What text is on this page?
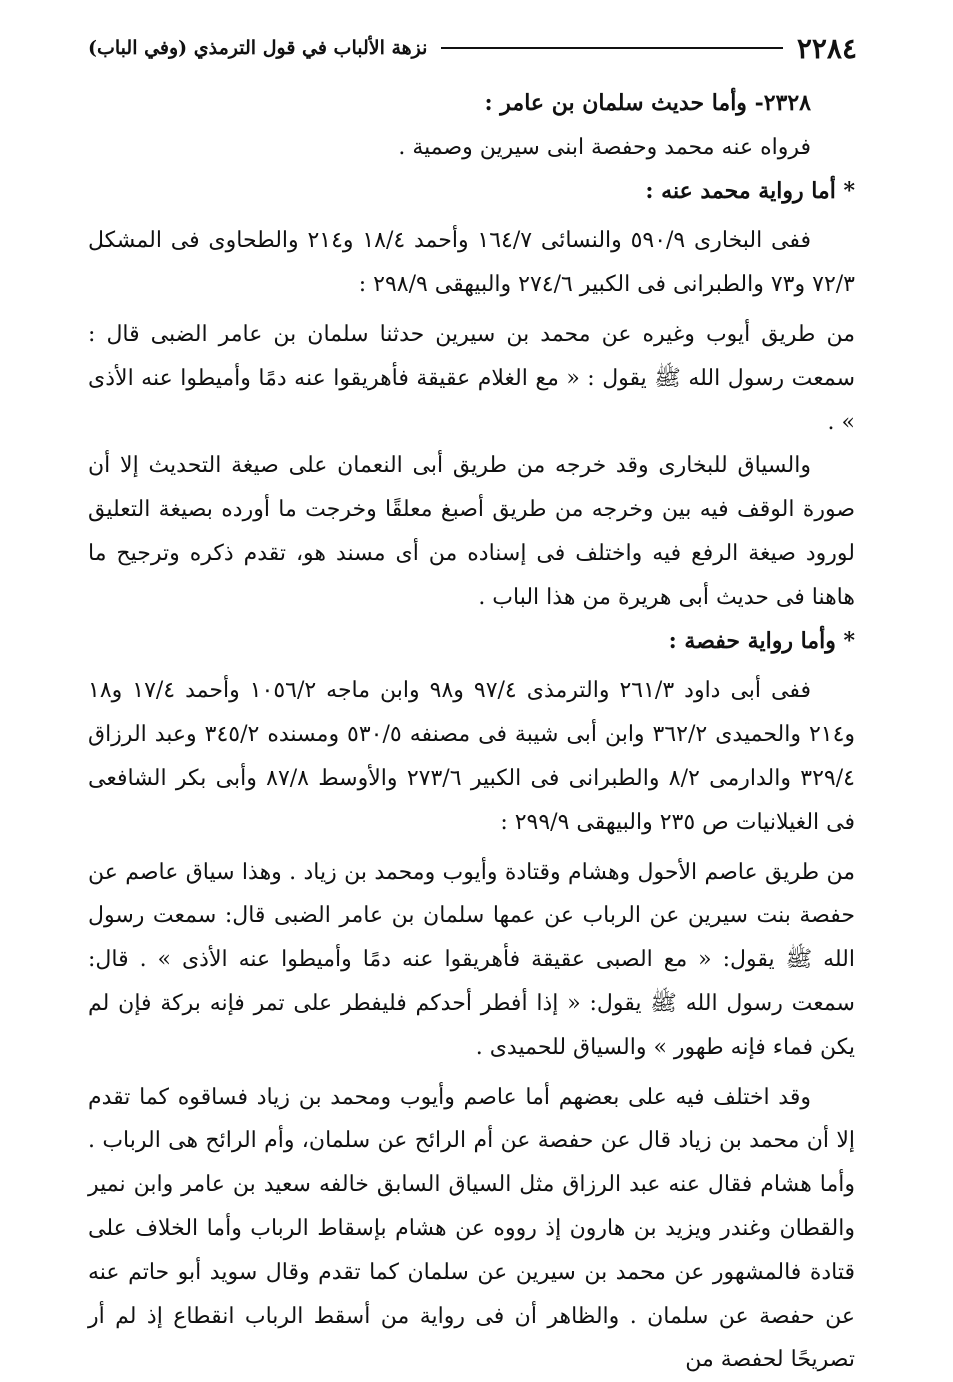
٢٢٨٤
نزهة الألباب في قول الترمذي (وفي الباب)

٢٣٢٨- وأما حديث سلمان بن عامر :

فرواه عنه محمد وحفصة ابنى سيرين وصمية .

* أما رواية محمد عنه :

ففى البخارى ٥٩٠/٩ والنسائى ١٦٤/٧ وأحمد ١٨/٤ و٢١٤ والطحاوى فى المشكل ٧٢/٣ و٧٣ والطبرانى فى الكبير ٢٧٤/٦ والبيهقى ٢٩٨/٩ :

من طريق أيوب وغيره عن محمد بن سيرين حدثنا سلمان بن عامر الضبى قال : سمعت رسول الله ﷺ يقول : « مع الغلام عقيقة فأهريقوا عنه دمًا وأميطوا عنه الأذى » .

والسياق للبخارى وقد خرجه من طريق أبى النعمان على صيغة التحديث إلا أن صورة الوقف فيه بين وخرجه من طريق أصبغ معلقًا وخرجت ما أورده بصيغة التعليق لورود صيغة الرفع فيه واختلف فى إسناده من أى مسند هو، تقدم ذكره وترجيح ما هاهنا فى حديث أبى هريرة من هذا الباب .

* وأما رواية حفصة :

ففى أبى داود ٢٦١/٣ والترمذى ٩٧/٤ و٩٨ وابن ماجه ١٠٥٦/٢ وأحمد ١٧/٤ و١٨ و٢١٤ والحميدى ٣٦٢/٢ وابن أبى شيبة فى مصنفه ٥٣٠/٥ ومسنده ٣٤٥/٢ وعبد الرزاق ٣٢٩/٤ والدارمى ٨/٢ والطبرانى فى الكبير ٢٧٣/٦ والأوسط ٨٧/٨ وأبى بكر الشافعى فى الغيلانيات ص ٢٣٥ والبيهقى ٢٩٩/٩ :

من طريق عاصم الأحول وهشام وقتادة وأيوب ومحمد بن زياد . وهذا سياق عاصم عن حفصة بنت سيرين عن الرباب عن عمها سلمان بن عامر الضبى قال: سمعت رسول الله ﷺ يقول: « مع الصبى عقيقة فأهريقوا عنه دمًا وأميطوا عنه الأذى » . قال: سمعت رسول الله ﷺ يقول: « إذا أفطر أحدكم فليفطر على تمر فإنه بركة فإن لم يكن فماء فإنه طهور » والسياق للحميدى .

وقد اختلف فيه على بعضهم أما عاصم وأيوب ومحمد بن زياد فساقوه كما تقدم إلا أن محمد بن زياد قال عن حفصة عن أم الرائح عن سلمان، وأم الرائح هى الرباب . وأما هشام فقال عنه عبد الرزاق مثل السياق السابق خالفه سعيد بن عامر وابن نمير والقطان وغندر ويزيد بن هارون إذ رووه عن هشام بإسقاط الرباب وأما الخلاف على قتادة فالمشهور عن محمد بن سيرين عن سلمان كما تقدم وقال سويد أبو حاتم عنه عن حفصة عن سلمان . والظاهر أن فى رواية من أسقط الرباب انقطاع إذ لم أر تصريحًا لحفصة من
